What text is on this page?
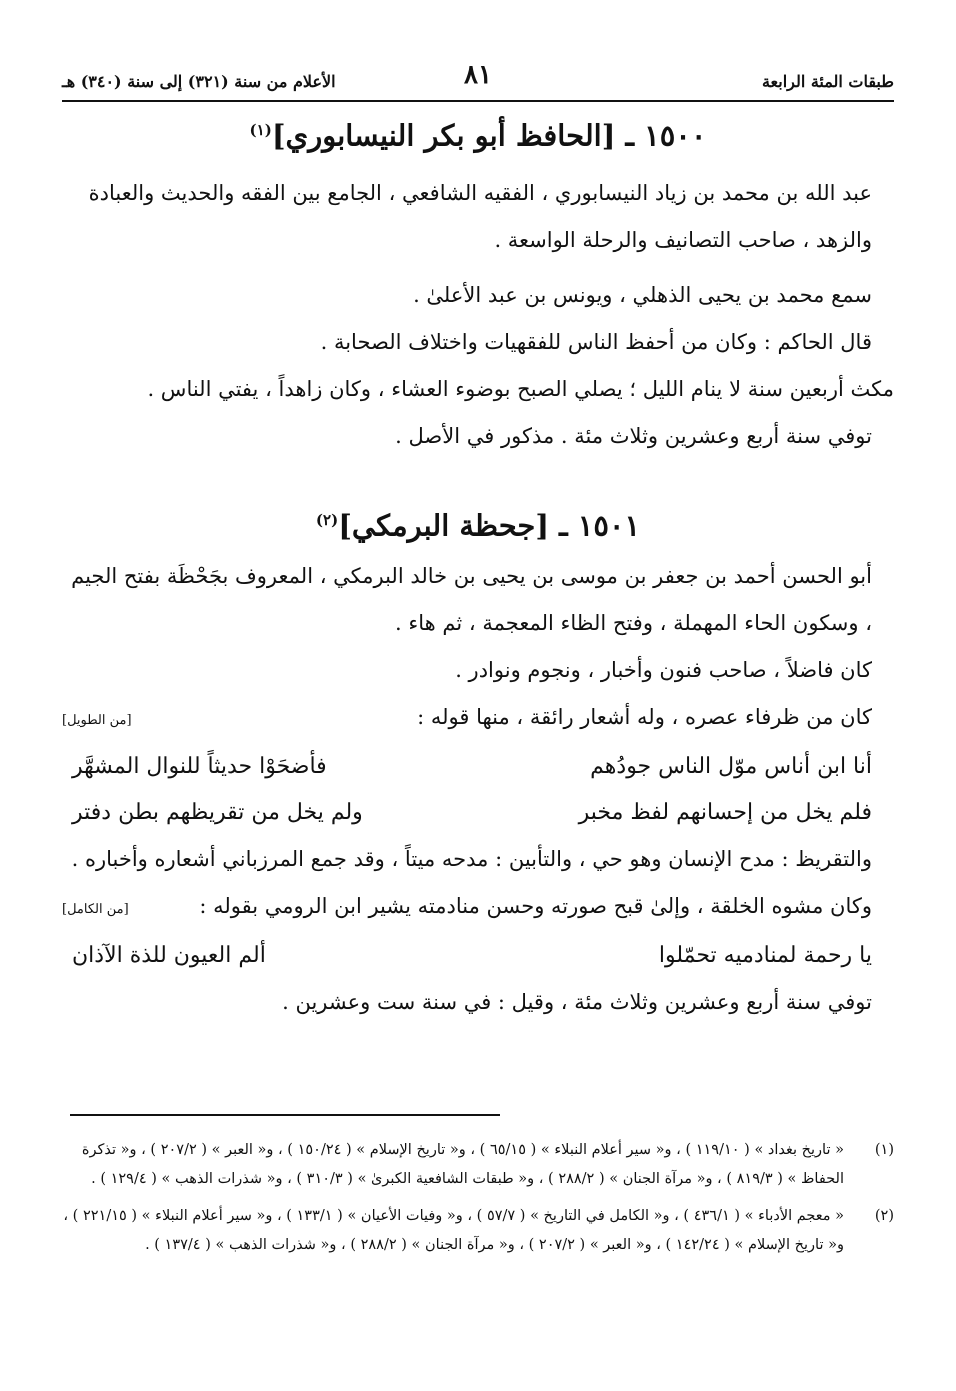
طبقات المئة الرابعة
٨١
الأعلام من سنة (٣٢١) إلى سنة (٣٤٠) هـ
١٥٠٠ ـ [الحافظ أبو بكر النيسابوري]$^{(١)}$

عبد الله بن محمد بن زياد النيسابوري ، الفقيه الشافعي ، الجامع بين الفقه والحديث والعبادة والزهد ، صاحب التصانيف والرحلة الواسعة .

سمع محمد بن يحيى الذهلي ، ويونس بن عبد الأعلىٰ .

قال الحاكم : وكان من أحفظ الناس للفقهيات واختلاف الصحابة .

مكث أربعين سنة لا ينام الليل ؛ يصلي الصبح بوضوء العشاء ، وكان زاهداً ، يفتي الناس .

توفي سنة أربع وعشرين وثلاث مئة . مذكور في الأصل .

١٥٠١ ـ [جحظة البرمكي]$^{(٢)}$

أبو الحسن أحمد بن جعفر بن موسى بن يحيى بن خالد البرمكي ، المعروف بجَحْظَة بفتح الجيم ، وسكون الحاء المهملة ، وفتح الظاء المعجمة ، ثم هاء .

كان فاضلاً ، صاحب فنون وأخبار ، ونجوم ونوادر .

كان من ظرفاء عصره ، وله أشعار رائقة ، منها قوله :
[من الطويل]
أنا ابن أناس موّل الناس جودُهم
فأضحَوْا حديثاً للنوال المشهَّر
فلم يخل من إحسانهم لفظ مخبر
ولم يخل من تقريظهم بطن دفتر

والتقريظ : مدح الإنسان وهو حي ، والتأبين : مدحه ميتاً ، وقد جمع المرزباني أشعاره وأخباره .

وكان مشوه الخلقة ، وإلىٰ قبح صورته وحسن منادمته يشير ابن الرومي بقوله :
[من الكامل]
يا رحمة لمنادميه تحمّلوا
ألم العيون للذة الآذان

توفي سنة أربع وعشرين وثلاث مئة ، وقيل : في سنة ست وعشرين .

(١)
« تاريخ بغداد » ( ١١٩/١٠ ) ، و« سير أعلام النبلاء » ( ٦٥/١٥ ) ، و« تاريخ الإسلام » ( ١٥٠/٢٤ ) ، و« العبر » ( ٢٠٧/٢ ) ، و« تذكرة الحفاظ » ( ٨١٩/٣ ) ، و« مرآة الجنان » ( ٢٨٨/٢ ) ، و« طبقات الشافعية الكبرىٰ » ( ٣١٠/٣ ) ، و« شذرات الذهب » ( ١٢٩/٤ ) .
(٢)
« معجم الأدباء » ( ٤٣٦/١ ) ، و« الكامل في التاريخ » ( ٥٧/٧ ) ، و« وفيات الأعيان » ( ١٣٣/١ ) ، و« سير أعلام النبلاء » ( ٢٢١/١٥ ) ، و« تاريخ الإسلام » ( ١٤٢/٢٤ ) ، و« العبر » ( ٢٠٧/٢ ) ، و« مرآة الجنان » ( ٢٨٨/٢ ) ، و« شذرات الذهب » ( ١٣٧/٤ ) .
